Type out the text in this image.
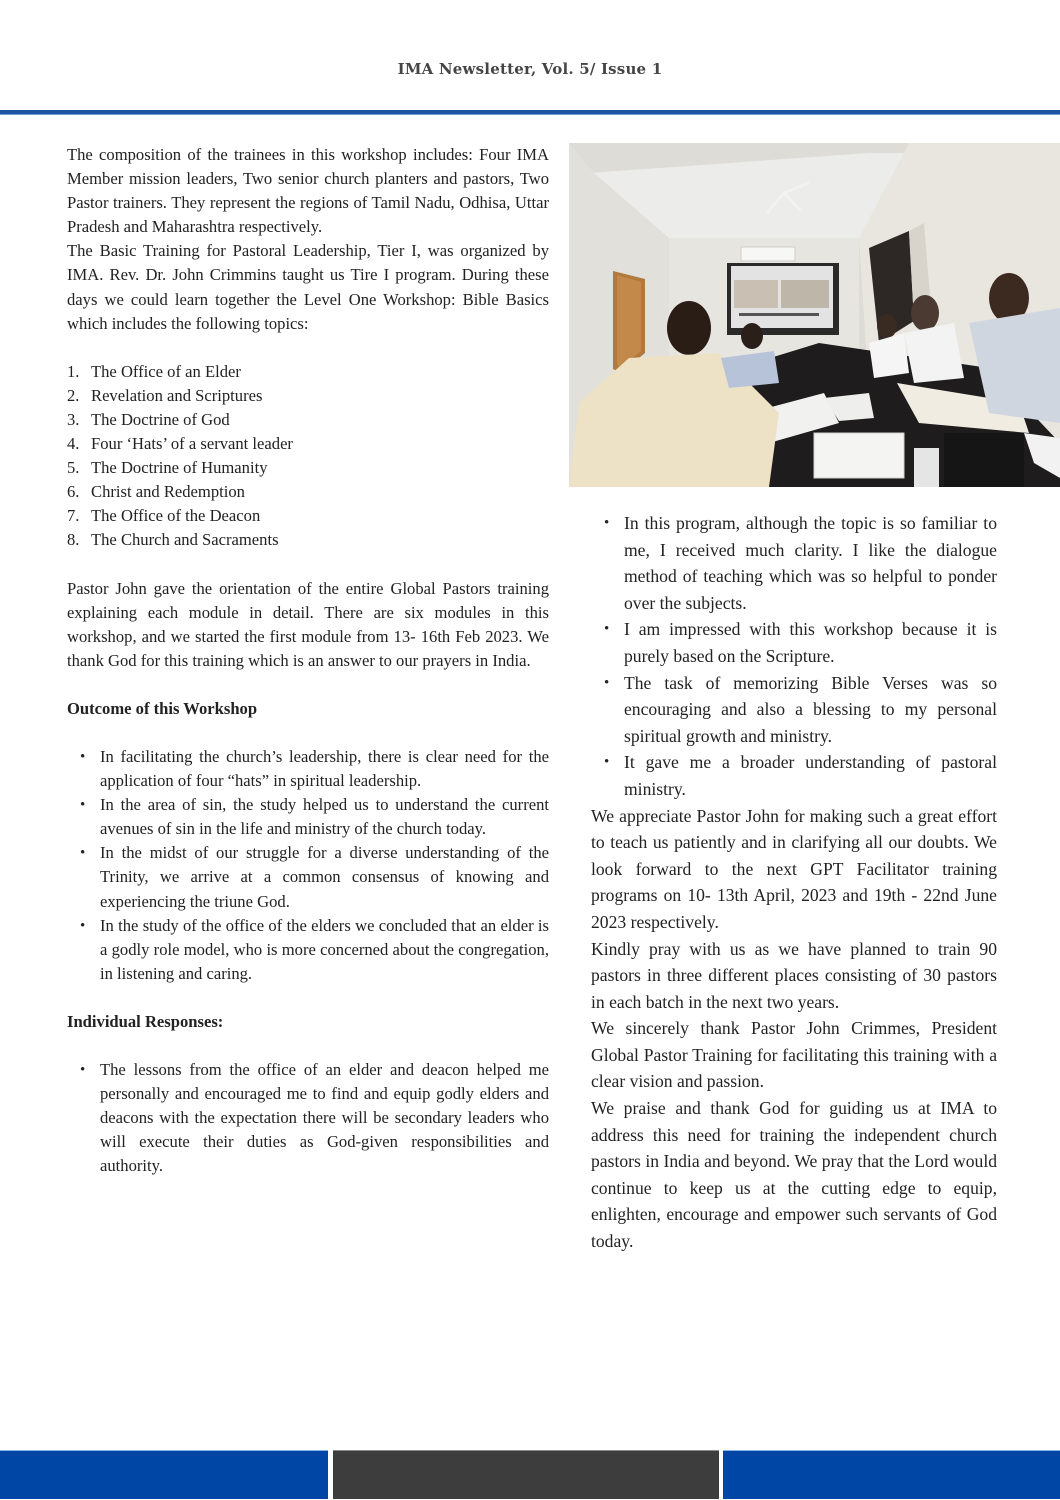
IMA Newsletter, Vol. 5/ Issue 1

The composition of the trainees in this workshop includes: Four IMA Member mission leaders, Two senior church planters and pastors, Two Pastor trainers. They represent the regions of Tamil Nadu, Odhisa, Uttar Pradesh and Maharashtra respectively.

The Basic Training for Pastoral Leadership, Tier I, was organized by IMA. Rev. Dr. John Crimmins taught us Tire I program. During these days we could learn together the Level One Workshop: Bible Basics which includes the following topics:

1. The Office of an Elder
2. Revelation and Scriptures
3. The Doctrine of God
4. Four ‘Hats’ of a servant leader
5. The Doctrine of Humanity
6. Christ and Redemption
7. The Office of the Deacon
8. The Church and Sacraments

Pastor John gave the orientation of the entire Global Pastors training explaining each module in detail. There are six modules in this workshop, and we started the first module from 13- 16th Feb 2023. We thank God for this training which is an answer to our prayers in India.

Outcome of this Workshop
• In facilitating the church’s leadership, there is clear need for the application of four “hats” in spiritual leadership.
• In the area of sin, the study helped us to understand the current avenues of sin in the life and ministry of the church today.
• In the midst of our struggle for a diverse understanding of the Trinity, we arrive at a common consensus of knowing and experiencing the triune God.
• In the study of the office of the elders we concluded that an elder is a godly role model, who is more concerned about the congregation, in listening and caring.
Individual Responses:
• The lessons from the office of an elder and deacon helped me personally and encouraged me to find and equip godly elders and deacons with the expectation there will be secondary leaders who will execute their duties as God-given responsibilities and authority.
• In this program, although the topic is so familiar to me, I received much clarity. I like the dialogue method of teaching which was so helpful to ponder over the subjects.
• I am impressed with this workshop because it is purely based on the Scripture.
• The task of memorizing Bible Verses was so encouraging and also a blessing to my personal spiritual growth and ministry.
• It gave me a broader understanding of pastoral ministry.

We appreciate Pastor John for making such a great effort to teach us patiently and in clarifying all our doubts. We look forward to the next GPT Facilitator training programs on 10- 13th April, 2023 and 19th - 22nd June 2023 respectively.

Kindly pray with us as we have planned to train 90 pastors in three different places consisting of 30 pastors in each batch in the next two years.

We sincerely thank Pastor John Crimmes, President Global Pastor Training for facilitating this training with a clear vision and passion.

We praise and thank God for guiding us at IMA to address this need for training the independent church pastors in India and beyond. We pray that the Lord would continue to keep us at the cutting edge to equip, enlighten, encourage and empower such servants of God today.
